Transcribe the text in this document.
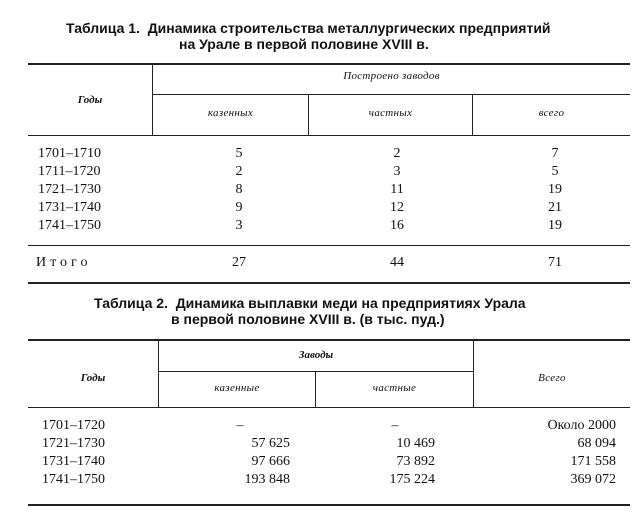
Таблица 1.  Динамика строительства металлургических предприятий
на Урале в первой половине XVIII в.
Годы
Построено заводов
казенных	частных	всего
1701–1710	5	2	7
1711–1720	2	3	5
1721–1730	8	11	19
1731–1740	9	12	21
1741–1750	3	16	19
Итого	27	44	71
Таблица 2.  Динамика выплавки меди на предприятиях Урала
в первой половине XVIII в. (в тыс. пуд.)
Годы
Заводы
казенные	частные
Всего
1701–1720	–	–	Около 2000
1721–1730	57 625	10 469	68 094
1731–1740	97 666	73 892	171 558
1741–1750	193 848	175 224	369 072
